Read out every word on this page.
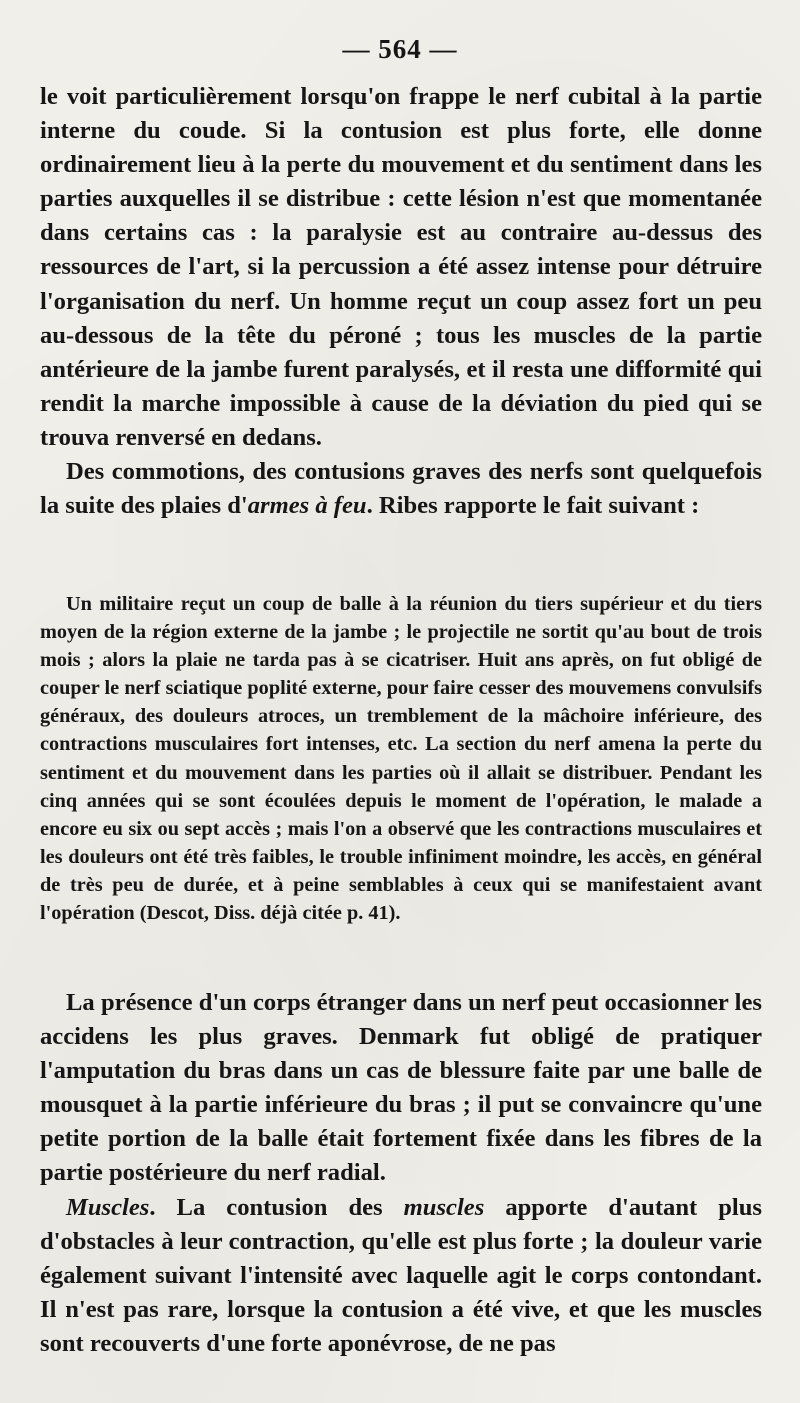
— 564 —

le voit particulièrement lorsqu'on frappe le nerf cubital à la partie interne du coude. Si la contusion est plus forte, elle donne ordinairement lieu à la perte du mouvement et du sentiment dans les parties auxquelles il se distribue : cette lésion n'est que momentanée dans certains cas : la paralysie est au contraire au-dessus des ressources de l'art, si la percussion a été assez intense pour détruire l'organisation du nerf. Un homme reçut un coup assez fort un peu au-dessous de la tête du péroné ; tous les muscles de la partie antérieure de la jambe furent paralysés, et il resta une difformité qui rendit la marche impossible à cause de la déviation du pied qui se trouva renversé en dedans.

Des commotions, des contusions graves des nerfs sont quelquefois la suite des plaies d'armes à feu. Ribes rapporte le fait suivant :

Un militaire reçut un coup de balle à la réunion du tiers supérieur et du tiers moyen de la région externe de la jambe ; le projectile ne sortit qu'au bout de trois mois ; alors la plaie ne tarda pas à se cicatriser. Huit ans après, on fut obligé de couper le nerf sciatique poplité externe, pour faire cesser des mouvemens convulsifs généraux, des douleurs atroces, un tremblement de la mâchoire inférieure, des contractions musculaires fort intenses, etc. La section du nerf amena la perte du sentiment et du mouvement dans les parties où il allait se distribuer. Pendant les cinq années qui se sont écoulées depuis le moment de l'opération, le malade a encore eu six ou sept accès ; mais l'on a observé que les contractions musculaires et les douleurs ont été très faibles, le trouble infiniment moindre, les accès, en général de très peu de durée, et à peine semblables à ceux qui se manifestaient avant l'opération (Descot, Diss. déjà citée p. 41).

La présence d'un corps étranger dans un nerf peut occasionner les accidens les plus graves. Denmark fut obligé de pratiquer l'amputation du bras dans un cas de blessure faite par une balle de mousquet à la partie inférieure du bras ; il put se convaincre qu'une petite portion de la balle était fortement fixée dans les fibres de la partie postérieure du nerf radial.

Muscles. La contusion des muscles apporte d'autant plus d'obstacles à leur contraction, qu'elle est plus forte ; la douleur varie également suivant l'intensité avec laquelle agit le corps contondant. Il n'est pas rare, lorsque la contusion a été vive, et que les muscles sont recouverts d'une forte aponévrose, de ne pas
